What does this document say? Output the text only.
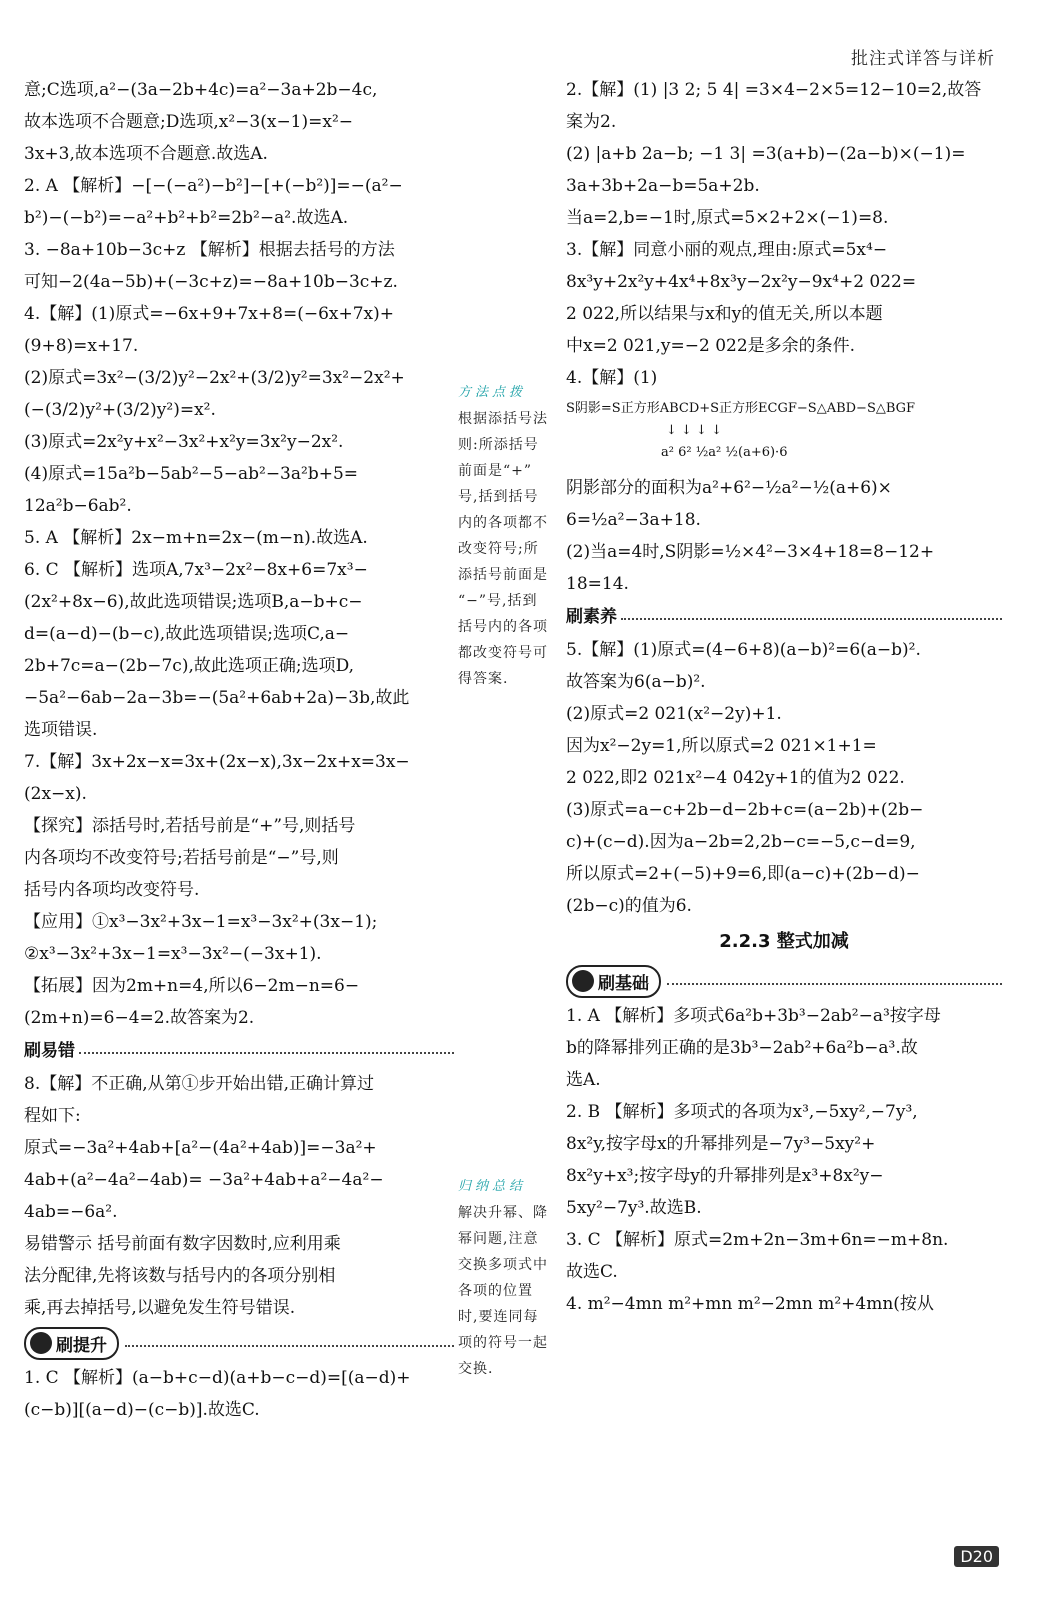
批注式详答与详析
意;C选项,a²−(3a−2b+4c)=a²−3a+2b−4c,
故本选项不合题意;D选项,x²−3(x−1)=x²−
3x+3,故本选项不合题意.故选A.
2. A 【解析】−[−(−a²)−b²]−[+(−b²)]=−(a²−
b²)−(−b²)=−a²+b²+b²=2b²−a².故选A.
3. −8a+10b−3c+z 【解析】根据去括号的方法
可知−2(4a−5b)+(−3c+z)=−8a+10b−3c+z.
4.【解】(1)原式=−6x+9+7x+8=(−6x+7x)+
(9+8)=x+17.
(2)原式=3x²−(3/2)y²−2x²+(3/2)y²=3x²−2x²+
(−(3/2)y²+(3/2)y²)=x².
(3)原式=2x²y+x²−3x²+x²y=3x²y−2x².
(4)原式=15a²b−5ab²−5−ab²−3a²b+5=
12a²b−6ab².
5. A 【解析】2x−m+n=2x−(m−n).故选A.
6. C 【解析】选项A,7x³−2x²−8x+6=7x³−
(2x²+8x−6),故此选项错误;选项B,a−b+c−
d=(a−d)−(b−c),故此选项错误;选项C,a−
2b+7c=a−(2b−7c),故此选项正确;选项D,
−5a²−6ab−2a−3b=−(5a²+6ab+2a)−3b,故此
选项错误.
7.【解】3x+2x−x=3x+(2x−x),3x−2x+x=3x−
(2x−x).
【探究】添括号时,若括号前是“+”号,则括号
内各项均不改变符号;若括号前是“−”号,则
括号内各项均改变符号.
【应用】①x³−3x²+3x−1=x³−3x²+(3x−1);
②x³−3x²+3x−1=x³−3x²−(−3x+1).
【拓展】因为2m+n=4,所以6−2m−n=6−
(2m+n)=6−4=2.故答案为2.
刷易错
8.【解】不正确,从第①步开始出错,正确计算过
程如下:
原式=−3a²+4ab+[a²−(4a²+4ab)]=−3a²+
4ab+(a²−4a²−4ab)= −3a²+4ab+a²−4a²−
4ab=−6a².
易错警示 括号前面有数字因数时,应利用乘
法分配律,先将该数与括号内的各项分别相
乘,再去掉括号,以避免发生符号错误.
刷提升
1. C 【解析】(a−b+c−d)(a+b−c−d)=[(a−d)+
(c−b)][(a−d)−(c−b)].故选C.
方法点拨
根据添括号法
则:所添括号
前面是“+”
号,括到括号
内的各项都不
改变符号;所
添括号前面是
“−”号,括到
括号内的各项
都改变符号可
得答案.
归纳总结
解决升幂、降
幂问题,注意
交换多项式中
各项的位置
时,要连同每
项的符号一起
交换.
2.【解】(1) |3 2; 5 4| =3×4−2×5=12−10=2,故答
案为2.
(2) |a+b 2a−b; −1 3| =3(a+b)−(2a−b)×(−1)=
3a+3b+2a−b=5a+2b.
当a=2,b=−1时,原式=5×2+2×(−1)=8.
3.【解】同意小丽的观点,理由:原式=5x⁴−
8x³y+2x²y+4x⁴+8x³y−2x²y−9x⁴+2 022=
2 022,所以结果与x和y的值无关,所以本题
中x=2 021,y=−2 022是多余的条件.
4.【解】(1)
S阴影=S正方形ABCD+S正方形ECGF−S△ABD−S△BGF
↓ ↓ ↓ ↓
a² 6² ½a² ½(a+6)·6
阴影部分的面积为a²+6²−½a²−½(a+6)×
6=½a²−3a+18.
(2)当a=4时,S阴影=½×4²−3×4+18=8−12+
18=14.
刷素养
5.【解】(1)原式=(4−6+8)(a−b)²=6(a−b)².
故答案为6(a−b)².
(2)原式=2 021(x²−2y)+1.
因为x²−2y=1,所以原式=2 021×1+1=
2 022,即2 021x²−4 042y+1的值为2 022.
(3)原式=a−c+2b−d−2b+c=(a−2b)+(2b−
c)+(c−d).因为a−2b=2,2b−c=−5,c−d=9,
所以原式=2+(−5)+9=6,即(a−c)+(2b−d)−
(2b−c)的值为6.
2.2.3 整式加减
刷基础
1. A 【解析】多项式6a²b+3b³−2ab²−a³按字母
b的降幂排列正确的是3b³−2ab²+6a²b−a³.故
选A.
2. B 【解析】多项式的各项为x³,−5xy²,−7y³,
8x²y,按字母x的升幂排列是−7y³−5xy²+
8x²y+x³;按字母y的升幂排列是x³+8x²y−
5xy²−7y³.故选B.
3. C 【解析】原式=2m+2n−3m+6n=−m+8n.
故选C.
4. m²−4mn m²+mn m²−2mn m²+4mn(按从
D20
